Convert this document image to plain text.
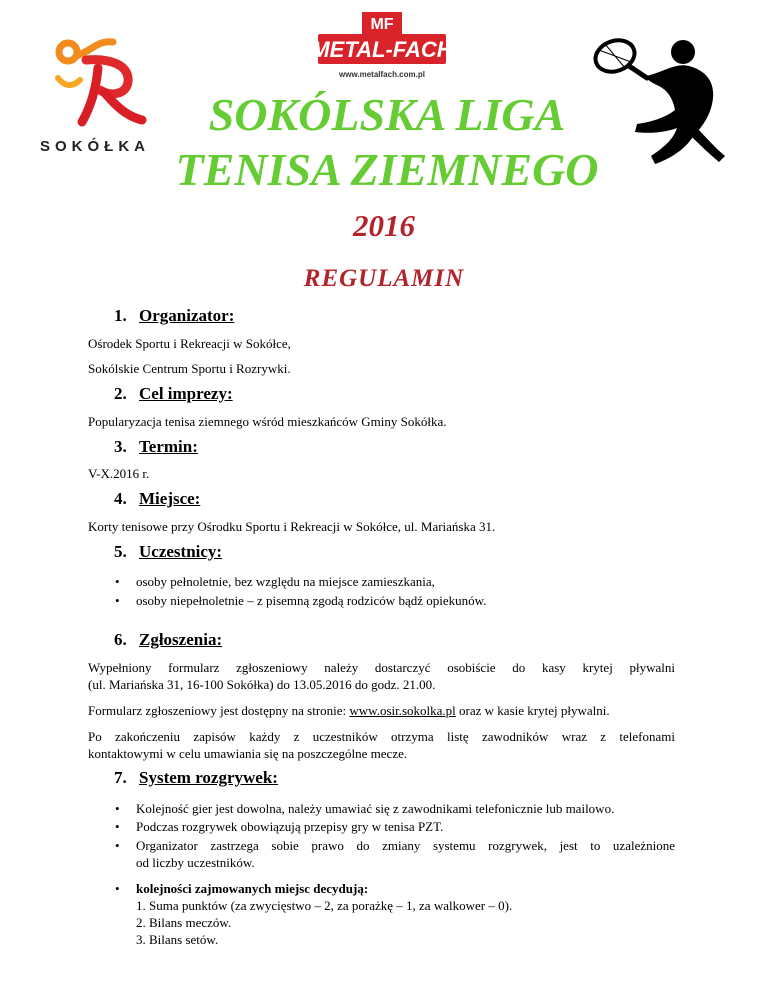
SOKÓŁKA
MF
METAL-FACH
www.metalfach.com.pl
SOKÓLSKA LIGA
TENISA ZIEMNEGO
2016
REGULAMIN
1. Organizator:
Ośrodek Sportu i Rekreacji w Sokółce,
Sokólskie Centrum Sportu i Rozrywki.
2. Cel imprezy:
Popularyzacja tenisa ziemnego wśród mieszkańców Gminy Sokółka.
3. Termin:
V-X.2016 r.
4. Miejsce:
Korty tenisowe przy Ośrodku Sportu i Rekreacji w Sokółce, ul. Mariańska 31.
5. Uczestnicy:
• osoby pełnoletnie, bez względu na miejsce zamieszkania,
• osoby niepełnoletnie – z pisemną zgodą rodziców bądź opiekunów.
6. Zgłoszenia:
Wypełniony formularz zgłoszeniowy należy dostarczyć osobiście do kasy krytej pływalni
(ul. Mariańska 31, 16-100 Sokółka) do 13.05.2016 do godz. 21.00.
Formularz zgłoszeniowy jest dostępny na stronie: www.osir.sokolka.pl oraz w kasie krytej pływalni.
Po zakończeniu zapisów każdy z uczestników otrzyma listę zawodników wraz z telefonami
kontaktowymi w celu umawiania się na poszczególne mecze.
7. System rozgrywek:
• Kolejność gier jest dowolna, należy umawiać się z zawodnikami telefonicznie lub mailowo.
• Podczas rozgrywek obowiązują przepisy gry w tenisa PZT.
• Organizator zastrzega sobie prawo do zmiany systemu rozgrywek, jest to uzależnione
od liczby uczestników.
• kolejności zajmowanych miejsc decydują:
1. Suma punktów (za zwycięstwo – 2, za porażkę – 1, za walkower – 0).
2. Bilans meczów.
3. Bilans setów.
